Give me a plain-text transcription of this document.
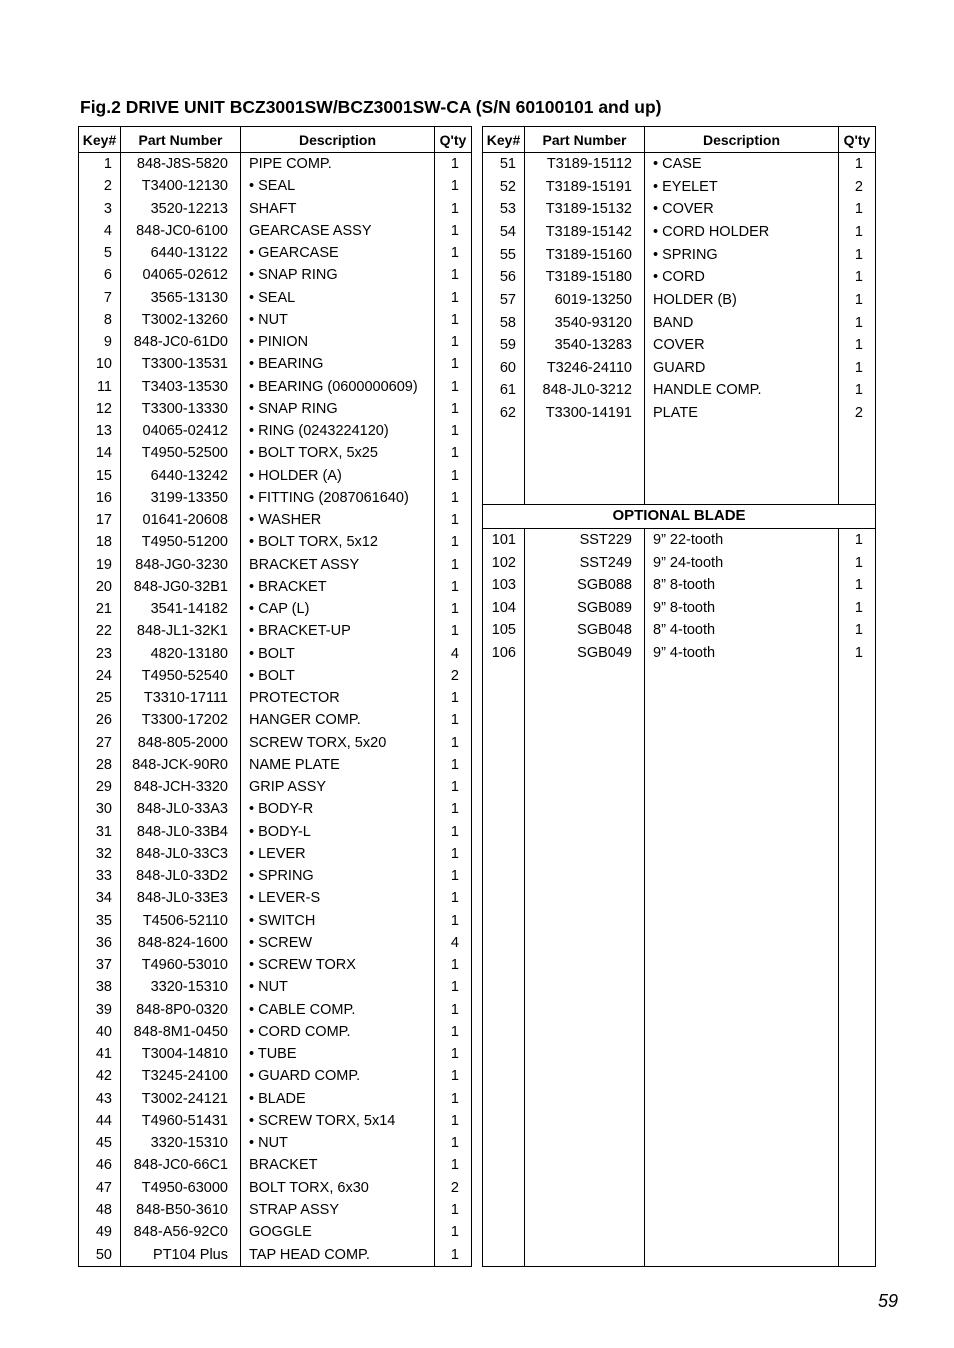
Fig.2 DRIVE UNIT BCZ3001SW/BCZ3001SW-CA (S/N 60100101 and up)
Key#	Part Number	Description	Q'ty
1	848-J8S-5820	PIPE COMP.	1
2	T3400-12130	• SEAL	1
3	3520-12213	SHAFT	1
4	848-JC0-6100	GEARCASE ASSY	1
5	6440-13122	• GEARCASE	1
6	04065-02612	• SNAP RING	1
7	3565-13130	• SEAL	1
8	T3002-13260	• NUT	1
9	848-JC0-61D0	• PINION	1
10	T3300-13531	• BEARING	1
11	T3403-13530	• BEARING (0600000609)	1
12	T3300-13330	• SNAP RING	1
13	04065-02412	• RING (0243224120)	1
14	T4950-52500	• BOLT TORX, 5x25	1
15	6440-13242	• HOLDER (A)	1
16	3199-13350	• FITTING (2087061640)	1
17	01641-20608	• WASHER	1
18	T4950-51200	• BOLT TORX, 5x12	1
19	848-JG0-3230	BRACKET ASSY	1
20	848-JG0-32B1	• BRACKET	1
21	3541-14182	• CAP (L)	1
22	848-JL1-32K1	• BRACKET-UP	1
23	4820-13180	• BOLT	4
24	T4950-52540	• BOLT	2
25	T3310-17111	PROTECTOR	1
26	T3300-17202	HANGER COMP.	1
27	848-805-2000	SCREW TORX, 5x20	1
28	848-JCK-90R0	NAME PLATE	1
29	848-JCH-3320	GRIP ASSY	1
30	848-JL0-33A3	• BODY-R	1
31	848-JL0-33B4	• BODY-L	1
32	848-JL0-33C3	• LEVER	1
33	848-JL0-33D2	• SPRING	1
34	848-JL0-33E3	• LEVER-S	1
35	T4506-52110	• SWITCH	1
36	848-824-1600	• SCREW	4
37	T4960-53010	• SCREW TORX	1
38	3320-15310	• NUT	1
39	848-8P0-0320	• CABLE COMP.	1
40	848-8M1-0450	• CORD COMP.	1
41	T3004-14810	• TUBE	1
42	T3245-24100	• GUARD COMP.	1
43	T3002-24121	• BLADE	1
44	T4960-51431	• SCREW TORX, 5x14	1
45	3320-15310	• NUT	1
46	848-JC0-66C1	BRACKET	1
47	T4950-63000	BOLT TORX, 6x30	2
48	848-B50-3610	STRAP ASSY	1
49	848-A56-92C0	GOGGLE	1
50	PT104 Plus	TAP HEAD COMP.	1
Key#	Part Number	Description	Q'ty
51	T3189-15112	• CASE	1
52	T3189-15191	• EYELET	2
53	T3189-15132	• COVER	1
54	T3189-15142	• CORD HOLDER	1
55	T3189-15160	• SPRING	1
56	T3189-15180	• CORD	1
57	6019-13250	HOLDER (B)	1
58	3540-93120	BAND	1
59	3540-13283	COVER	1
60	T3246-24110	GUARD	1
61	848-JL0-3212	HANDLE COMP.	1
62	T3300-14191	PLATE	2

OPTIONAL BLADE			
101	SST229	9” 22-tooth	1
102	SST249	9” 24-tooth	1
103	SGB088	8” 8-tooth	1
104	SGB089	9” 8-tooth	1
105	SGB048	8” 4-tooth	1
106	SGB049	9” 4-tooth	1

59
